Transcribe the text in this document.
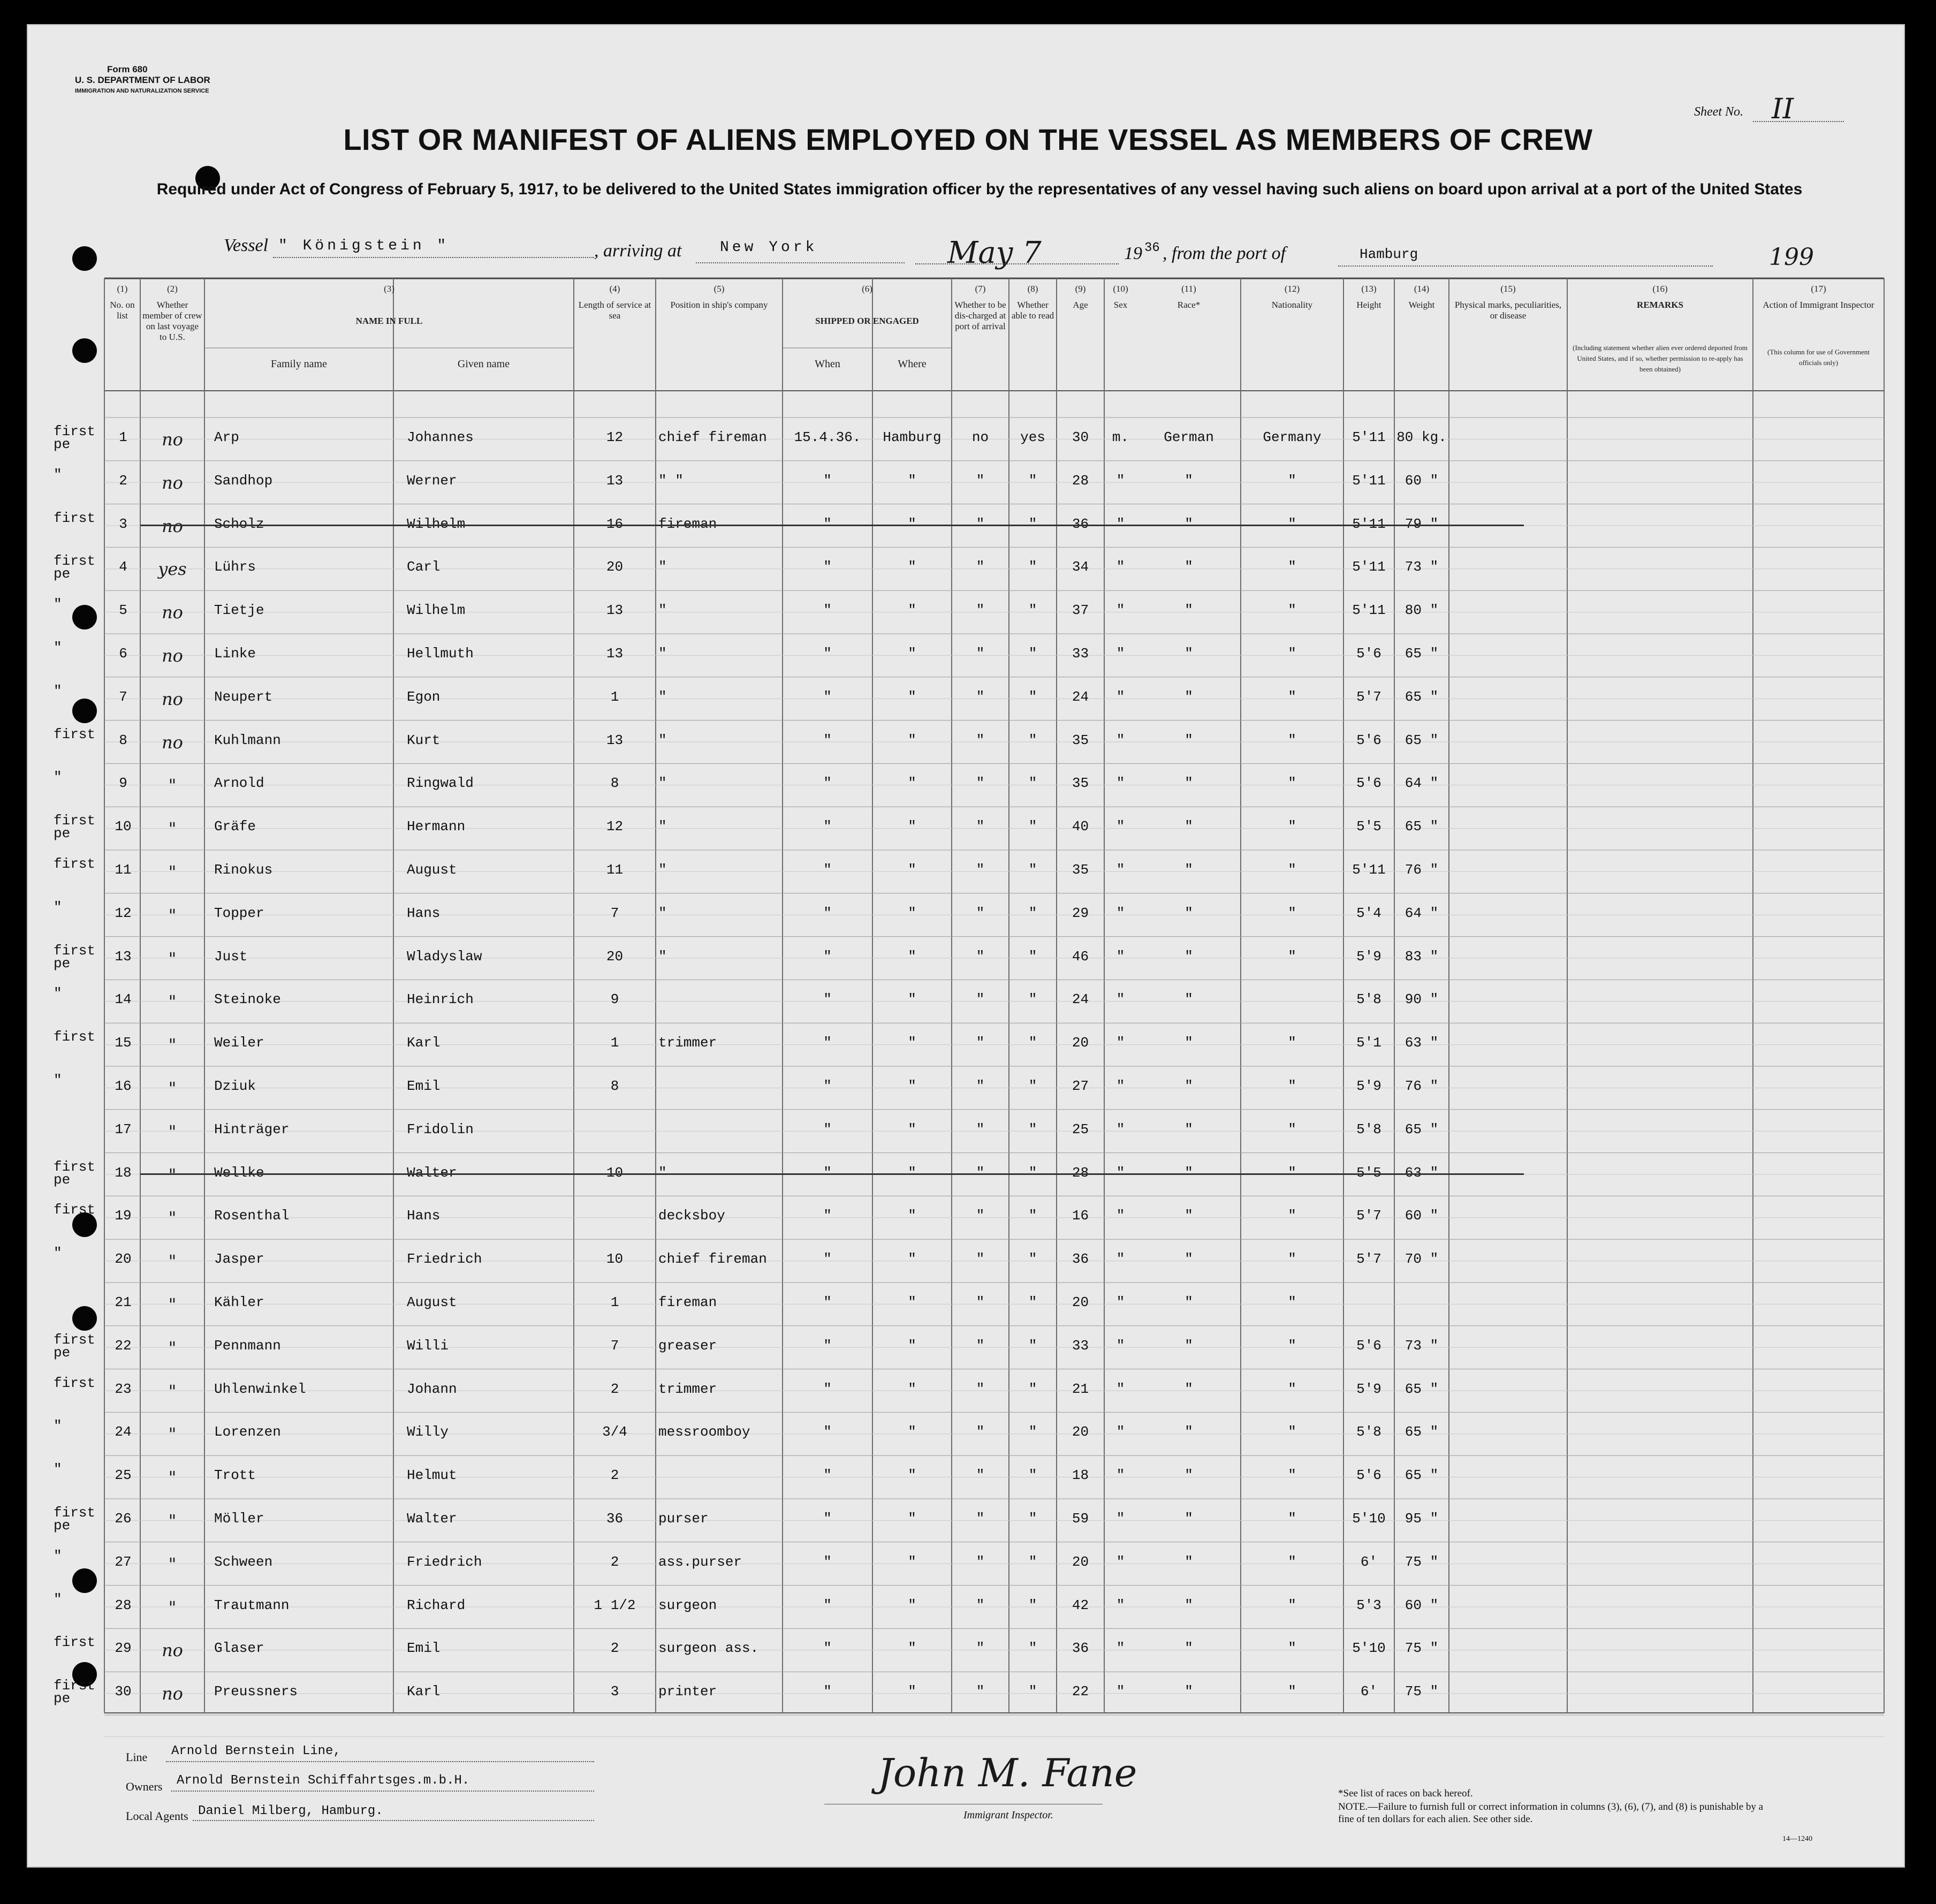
Form 680
U. S. DEPARTMENT OF LABOR
IMMIGRATION AND NATURALIZATION SERVICE
Sheet No. II
LIST OR MANIFEST OF ALIENS EMPLOYED ON THE VESSEL AS MEMBERS OF CREW
Required under Act of Congress of February 5, 1917, to be delivered to the United States immigration officer by the representatives of any vessel having such aliens on board upon arrival at a port of the United States
Vessel " Königstein "	, arriving at	New York	May 7	19 36 , from the port of	Hamburg	199
(1)
No. on list
(2)
Whether member of crew on last voyage to U.S.
(3)
NAME IN FULL
(4)
Length of service at sea
(5)
Position in ship's company
(6)
SHIPPED OR ENGAGED
(7)
Whether to be dis-charged at port of arrival
(8)
Whether able to read
(9)
Age
(10)
Sex
(11)
Race*
(12)
Nationality
(13)
Height
(14)
Weight
(15)
Physical marks, peculiarities, or disease
(16)
REMARKS
(17)
Action of Immigrant Inspector
Family name	Given name	When	Where
(Including statement whether alien ever ordered deported from United States, and if so, whether permission to re-apply has been obtained)
(This column for use of Government officials only)
first pe	1	no	Arp	Johannes	12	chief fireman	15.4.36.	Hamburg	no	yes	30	m.	German	Germany	5'11 80 kg.
"	2	no	Sandhop	Werner	13	" "	"	"	"	"	28	"	"	"	5'11	60 "
first	3	no	Scholz	Wilhelm	16	fireman	"	"	"	"	36	"	"	"	5'11	79 "
first pe	4	yes	Lührs	Carl	20	"	"	"	"	"	34	"	"	"	5'11	73 "
"	5	no	Tietje	Wilhelm	13	"	"	"	"	"	37	"	"	"	5'11	80 "
"	6	no	Linke	Hellmuth	13	"	"	"	"	"	33	"	"	"	5'6	65 "
"	7	no	Neupert	Egon	1	"	"	"	"	"	24	"	"	"	5'7	65 "
first	8	no	Kuhlmann	Kurt	13	"	"	"	"	"	35	"	"	"	5'6	65 "
"	9	"	Arnold	Ringwald	8	"	"	"	"	"	35	"	"	"	5'6	64 "
first pe	10	"	Gräfe	Hermann	12	"	"	"	"	"	40	"	"	"	5'5	65 "
first	11	"	Rinokus	August	11	"	"	"	"	"	35	"	"	"	5'11	76 "
"	12	"	Topper	Hans	7	"	"	"	"	"	29	"	"	"	5'4	64 "
first pe	13	"	Just	Wladyslaw	20	"	"	"	"	"	46	"	"	"	5'9	83 "
"	14	"	Steinoke	Heinrich	9	"	"	"	"	24	"	"	5'8	90 "
first	15	"	Weiler	Karl	1	trimmer	"	"	"	"	20	"	"	"	5'1	63 "
"	16	"	Dziuk	Emil	8	"	"	"	"	27	"	"	"	5'9	76 "
17	"	Hinträger	Fridolin	"	"	"	"	25	"	"	"	5'8	65 "
first pe	18	"	Wellke	Walter	10	"	"	"	"	"	28	"	"	"	5'5	63 "
first	19	"	Rosenthal	Hans	decksboy	"	"	"	"	16	"	"	"	5'7	60 "
"	20	"	Jasper	Friedrich	10	chief fireman	"	"	"	"	36	"	"	"	5'7	70 "
21	"	Kähler	August	1	fireman	"	"	"	"	20	"	"	"
first pe	22	"	Pennmann	Willi	7	greaser	"	"	"	"	33	"	"	"	5'6	73 "
first	23	"	Uhlenwinkel	Johann	2	trimmer	"	"	"	"	21	"	"	"	5'9	65 "
"	24	"	Lorenzen	Willy	3/4	messroomboy	"	"	"	"	20	"	"	"	5'8	65 "
"	25	"	Trott	Helmut	2	"	"	"	"	18	"	"	"	5'6	65 "
first pe	26	"	Möller	Walter	36	purser	"	"	"	"	59	"	"	"	5'10	95 "
"	27	"	Schween	Friedrich	2	ass.purser	"	"	"	"	20	"	"	"	6'	75 "
"	28	"	Trautmann	Richard	1 1/2	surgeon	"	"	"	"	42	"	"	"	5'3	60 "
first	29	no	Glaser	Emil	2	surgeon ass.	"	"	"	"	36	"	"	"	5'10	75 "
first pe	30	no	Preussners	Karl	3	printer	"	"	"	"	22	"	"	"	6'	75 "
Line Arnold Bernstein Line,
Owners Arnold Bernstein Schiffahrtsges.m.b.H.
Local Agents Daniel Milberg, Hamburg.
John M. Fane
Immigrant Inspector.
*See list of races on back hereof.
NOTE.—Failure to furnish full or correct information in columns (3), (6), (7), and (8) is punishable by a fine of ten dollars for each alien. See other side.
14—1240
